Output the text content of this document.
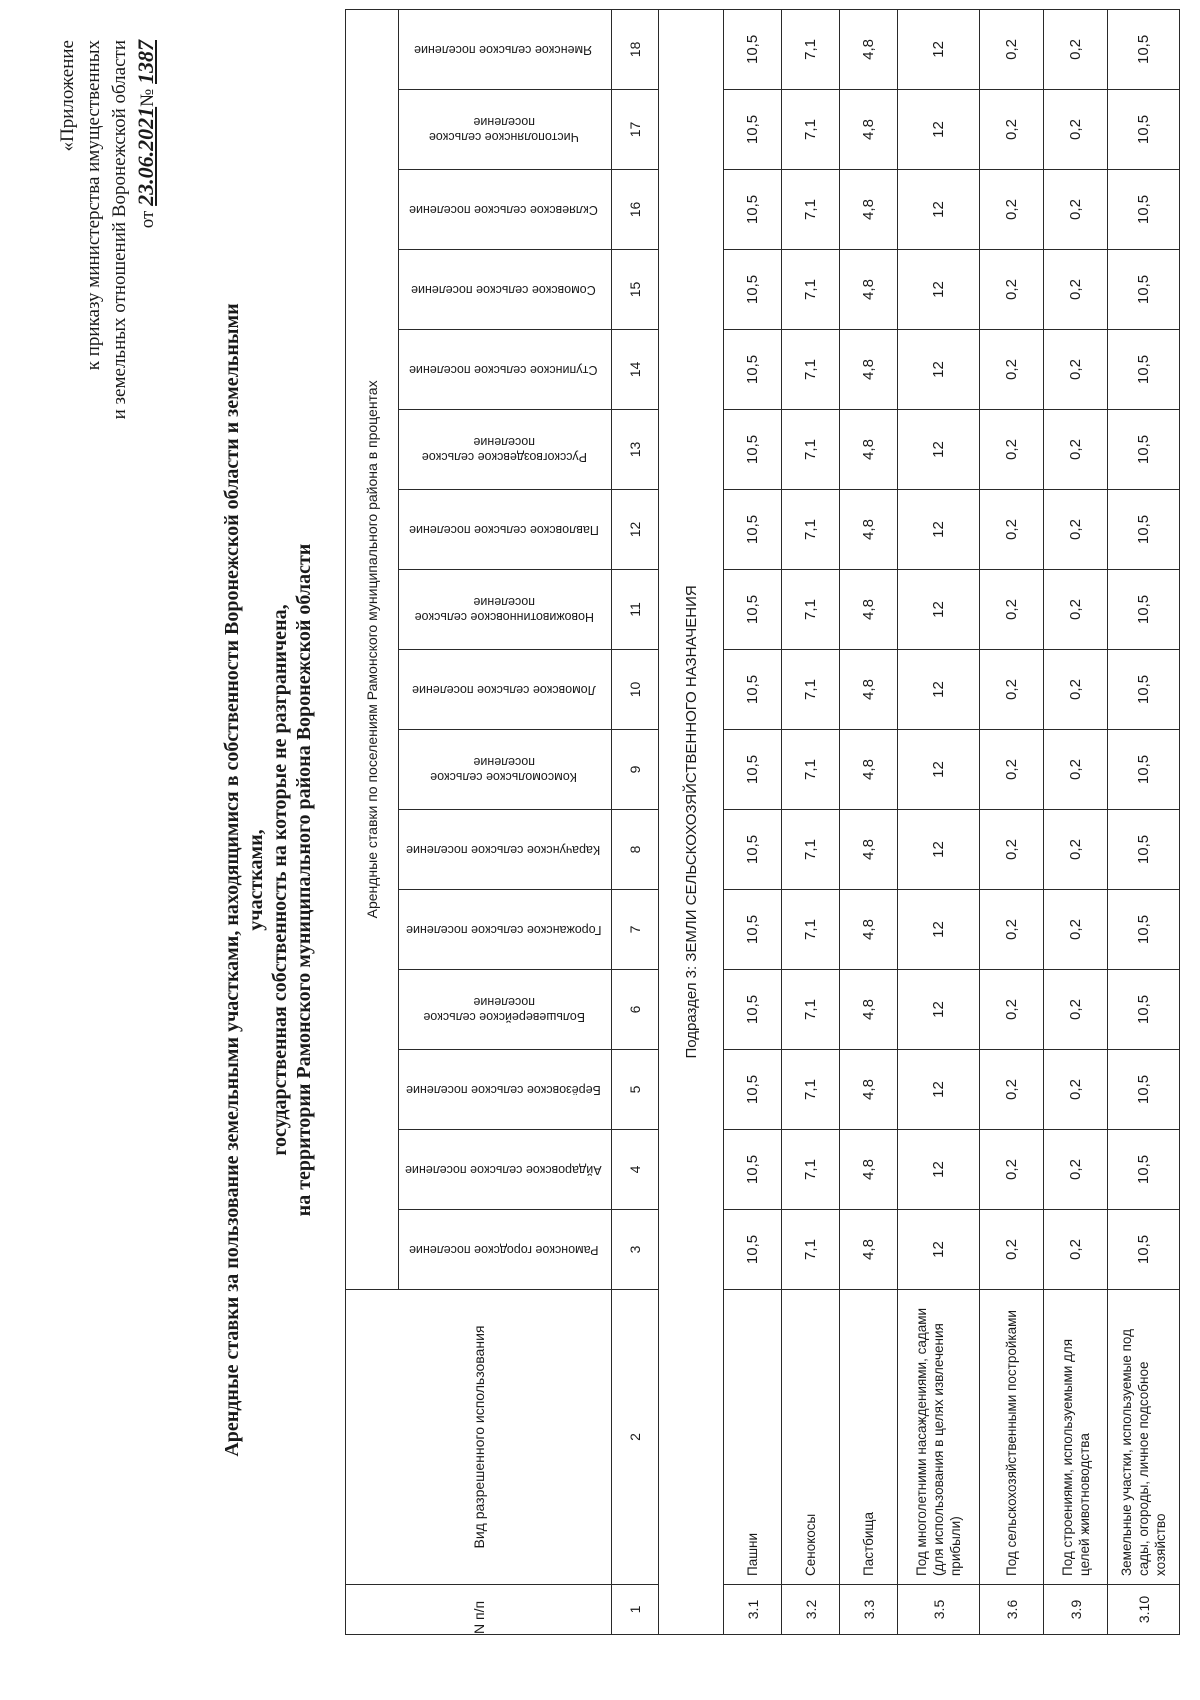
«Приложение к приказу министерства имущественных и земельных отношений Воронежской области от 23.06.2021№ 1387
Арендные ставки за пользование земельными участками, находящимися в собственности Воронежской области и земельными участками, государственная собственность на которые не разграничена, на территории Рамонского муниципального района Воронежской области
N п/п	Вид разрешенного использования	Арендные ставки по поселениям Рамонского муниципального района в процентах															
		Рамонское городское поселение	Айдаровское сельское поселение	Берёзовское сельское поселение	Большеверейское сельское поселение	Горожанское сельское поселение	Карачунское сельское поселение	Комсомольское сельское поселение	Ломовское сельское поселение	Новоживотинновское сельское поселение	Павловское сельское поселение	Русскогвоздевское сельское поселение	Ступинское сельское поселение	Сомовское сельское поселение	Скляевское сельское поселение	Чистополянское сельское поселение	Яменское сельское поселение
1	2	3	4	5	6	7	8	9	10	11	12	13	14	15	16	17	18
Подраздел 3: ЗЕМЛИ СЕЛЬСКОХОЗЯЙСТВЕННОГО НАЗНАЧЕНИЯ																	
3.1	Пашни	10,5	10,5	10,5	10,5	10,5	10,5	10,5	10,5	10,5	10,5	10,5	10,5	10,5	10,5	10,5	10,5
3.2	Сенокосы	7,1	7,1	7,1	7,1	7,1	7,1	7,1	7,1	7,1	7,1	7,1	7,1	7,1	7,1	7,1	7,1
3.3	Пастбища	4,8	4,8	4,8	4,8	4,8	4,8	4,8	4,8	4,8	4,8	4,8	4,8	4,8	4,8	4,8	4,8
3.5	Под многолетними насаждениями, садами (для использования в целях извлечения прибыли)	12	12	12	12	12	12	12	12	12	12	12	12	12	12	12	12
3.6	Под сельскохозяйственными постройками	0,2	0,2	0,2	0,2	0,2	0,2	0,2	0,2	0,2	0,2	0,2	0,2	0,2	0,2	0,2	0,2
3.9	Под строениями, используемыми для целей животноводства	0,2	0,2	0,2	0,2	0,2	0,2	0,2	0,2	0,2	0,2	0,2	0,2	0,2	0,2	0,2	0,2
3.10	Земельные участки, используемые под сады, огороды, личное подсобное хозяйство	10,5	10,5	10,5	10,5	10,5	10,5	10,5	10,5	10,5	10,5	10,5	10,5	10,5	10,5	10,5	10,5
